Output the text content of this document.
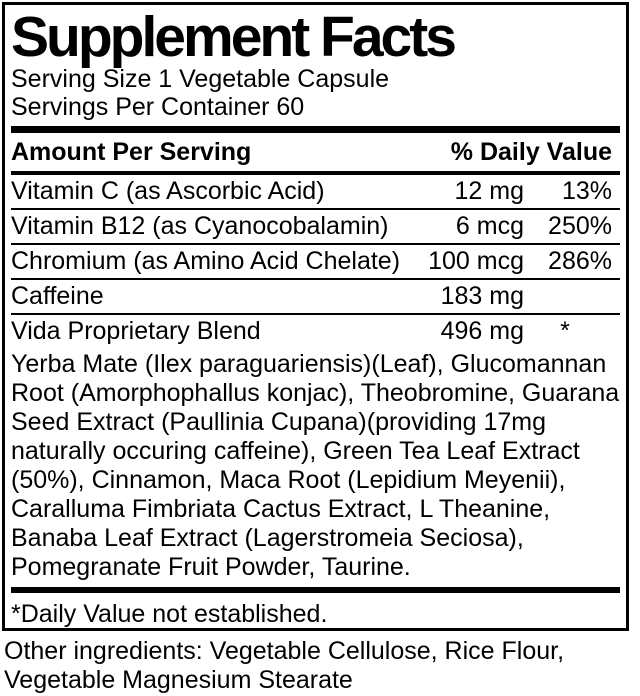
Supplement Facts
Serving Size 1 Vegetable Capsule
Servings Per Container 60
Amount Per Serving	% Daily Value
Vitamin C (as Ascorbic Acid)	12 mg	13%
Vitamin B12 (as Cyanocobalamin)	6 mcg 250%
Chromium (as Amino Acid Chelate)	100 mcg 286%
Caffeine	183 mg
Vida Proprietary Blend	496 mg	*
Yerba Mate (Ilex paraguariensis)(Leaf), Glucomannan
Root (Amorphophallus konjac), Theobromine, Guarana
Seed Extract (Paullinia Cupana)(providing 17mg
naturally occuring caffeine), Green Tea Leaf Extract
(50%), Cinnamon, Maca Root (Lepidium Meyenii),
Caralluma Fimbriata Cactus Extract, L Theanine,
Banaba Leaf Extract (Lagerstromeia Seciosa),
Pomegranate Fruit Powder, Taurine.
*Daily Value not established.
Other ingredients: Vegetable Cellulose, Rice Flour, Vegetable Magnesium Stearate
